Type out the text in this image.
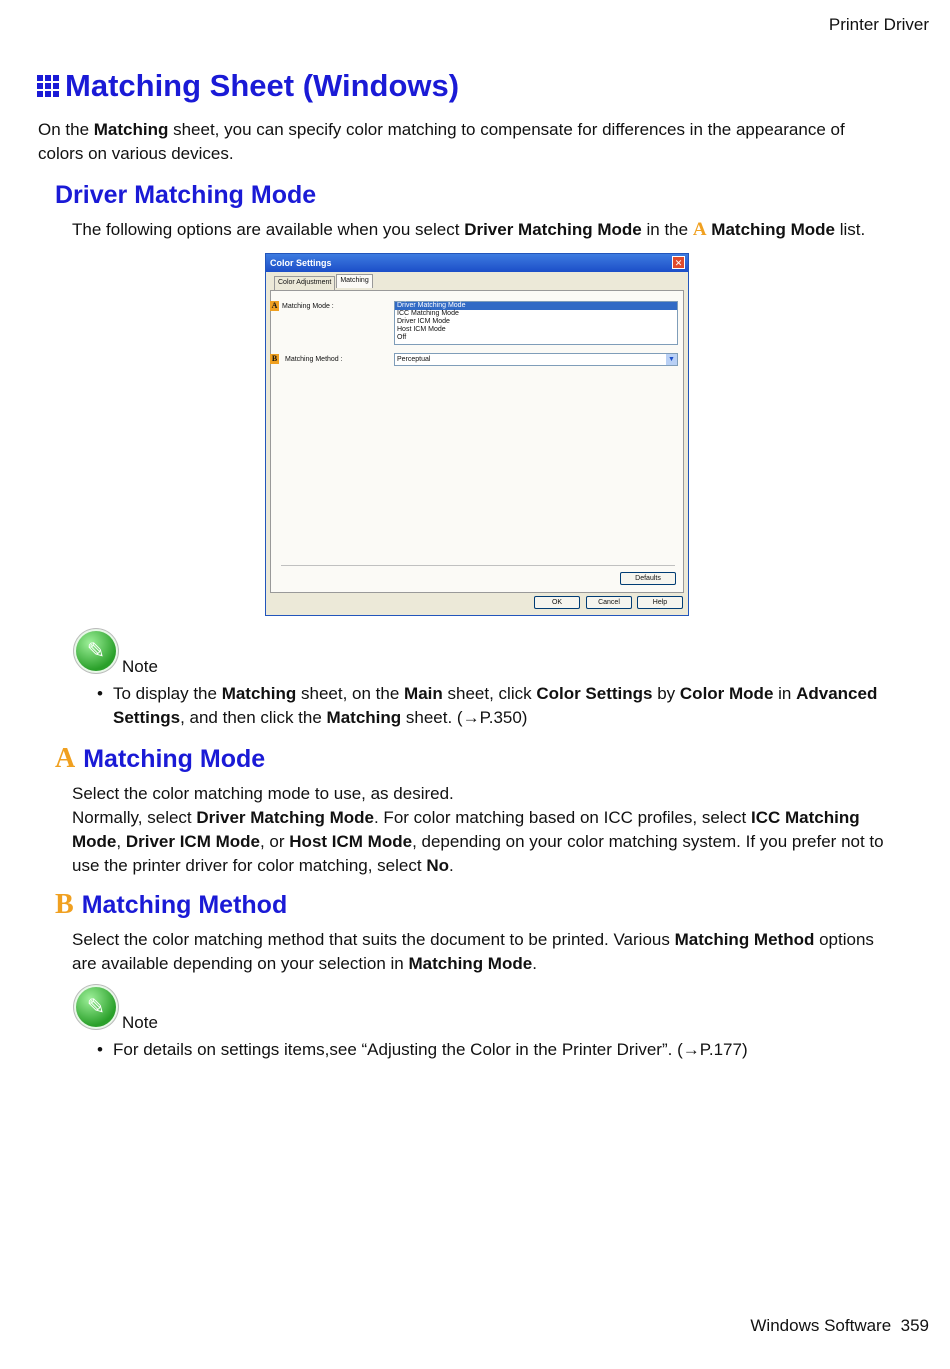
Printer Driver
Matching Sheet (Windows)
On the Matching sheet, you can specify color matching to compensate for differences in the appearance of colors on various devices.
Driver Matching Mode
The following options are available when you select Driver Matching Mode in the A Matching Mode list.
Color Settings	✕
Color Adjustment	Matching
A Matching Mode :	Driver Matching Mode
ICC Matching Mode
Driver ICM Mode
Host ICM Mode
Off
B Matching Method :	Perceptual	▼
Defaults
OK	Cancel	Help
✎
Note
• To display the Matching sheet, on the Main sheet, click Color Settings by Color Mode in Advanced Settings, and then click the Matching sheet. (→P.350)
A Matching Mode
Select the color matching mode to use, as desired.
Normally, select Driver Matching Mode. For color matching based on ICC profiles, select ICC Matching Mode, Driver ICM Mode, or Host ICM Mode, depending on your color matching system. If you prefer not to use the printer driver for color matching, select No.
B Matching Method
Select the color matching method that suits the document to be printed. Various Matching Method options are available depending on your selection in Matching Mode.
✎
Note
• For details on settings items,see “Adjusting the Color in the Printer Driver”. (→P.177)
Windows Software 359
